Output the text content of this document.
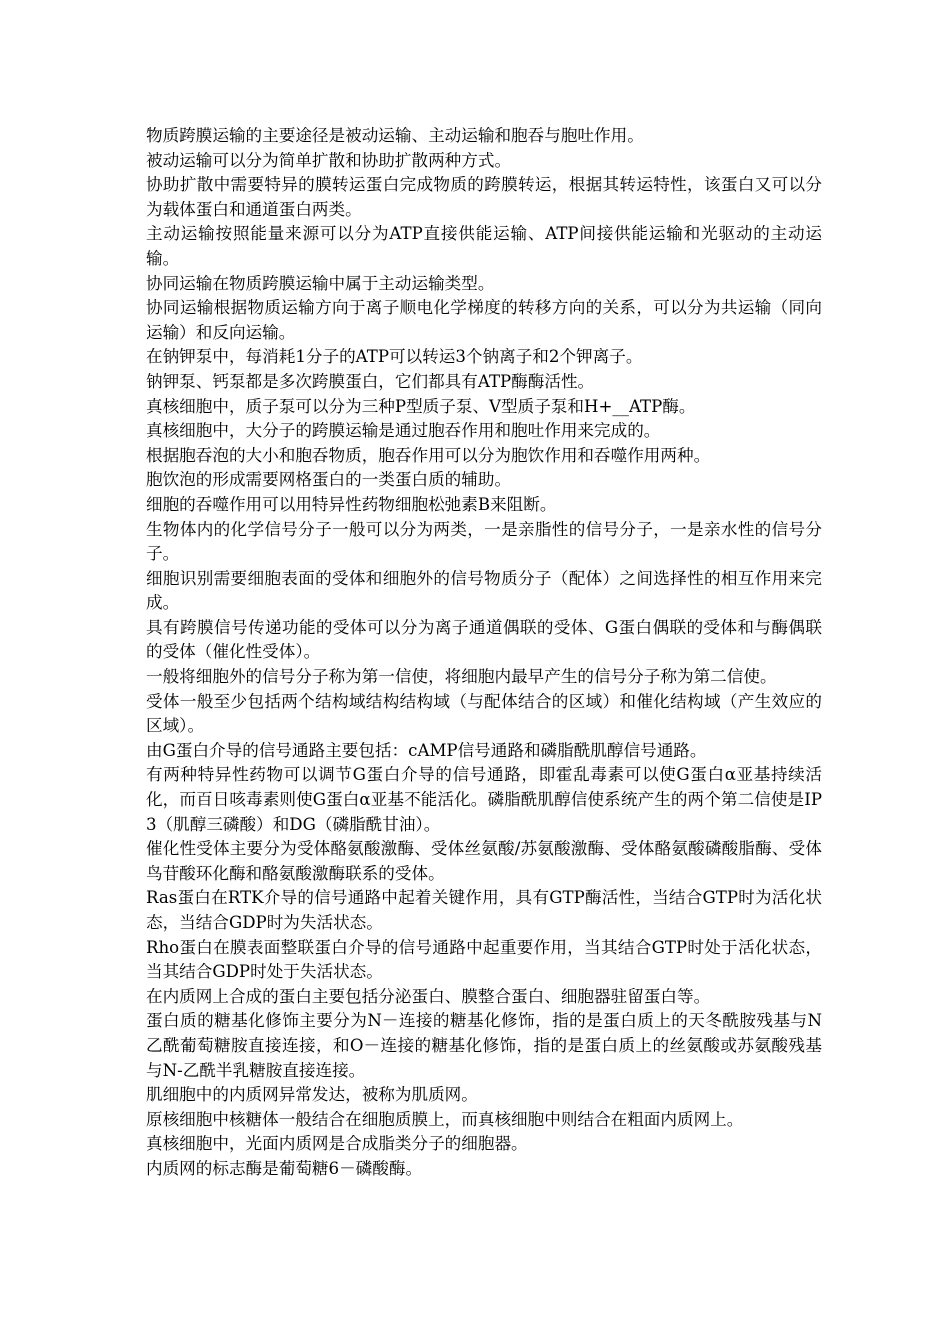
物质跨膜运输的主要途径是被动运输、主动运输和胞吞与胞吐作用。

被动运输可以分为简单扩散和协助扩散两种方式。

协助扩散中需要特异的膜转运蛋白完成物质的跨膜转运，根据其转运特性，该蛋白又可以分为载体蛋白和通道蛋白两类。

主动运输按照能量来源可以分为ATP直接供能运输、ATP间接供能运输和光驱动的主动运输。

协同运输在物质跨膜运输中属于主动运输类型。

协同运输根据物质运输方向于离子顺电化学梯度的转移方向的关系，可以分为共运输（同向运输）和反向运输。

在钠钾泵中，每消耗1分子的ATP可以转运3个钠离子和2个钾离子。

钠钾泵、钙泵都是多次跨膜蛋白，它们都具有ATP酶酶活性。

真核细胞中，质子泵可以分为三种P型质子泵、V型质子泵和H+__ATP酶。

真核细胞中，大分子的跨膜运输是通过胞吞作用和胞吐作用来完成的。

根据胞吞泡的大小和胞吞物质，胞吞作用可以分为胞饮作用和吞噬作用两种。

胞饮泡的形成需要网格蛋白的一类蛋白质的辅助。

细胞的吞噬作用可以用特异性药物细胞松弛素B来阻断。

生物体内的化学信号分子一般可以分为两类，一是亲脂性的信号分子，一是亲水性的信号分子。

细胞识别需要细胞表面的受体和细胞外的信号物质分子（配体）之间选择性的相互作用来完成。

具有跨膜信号传递功能的受体可以分为离子通道偶联的受体、G蛋白偶联的受体和与酶偶联的受体（催化性受体）。

一般将细胞外的信号分子称为第一信使，将细胞内最早产生的信号分子称为第二信使。

受体一般至少包括两个结构域结构结构域（与配体结合的区域）和催化结构域（产生效应的区域）。

由G蛋白介导的信号通路主要包括：cAMP信号通路和磷脂酰肌醇信号通路。

有两种特异性药物可以调节G蛋白介导的信号通路，即霍乱毒素可以使G蛋白α亚基持续活化，而百日咳毒素则使G蛋白α亚基不能活化。磷脂酰肌醇信使系统产生的两个第二信使是IP3（肌醇三磷酸）和DG（磷脂酰甘油）。

催化性受体主要分为受体酪氨酸激酶、受体丝氨酸/苏氨酸激酶、受体酪氨酸磷酸脂酶、受体鸟苷酸环化酶和酪氨酸激酶联系的受体。

Ras蛋白在RTK介导的信号通路中起着关键作用，具有GTP酶活性，当结合GTP时为活化状态，当结合GDP时为失活状态。

Rho蛋白在膜表面整联蛋白介导的信号通路中起重要作用，当其结合GTP时处于活化状态，当其结合GDP时处于失活状态。

在内质网上合成的蛋白主要包括分泌蛋白、膜整合蛋白、细胞器驻留蛋白等。

蛋白质的糖基化修饰主要分为N－连接的糖基化修饰，指的是蛋白质上的天冬酰胺残基与N乙酰葡萄糖胺直接连接，和O－连接的糖基化修饰，指的是蛋白质上的丝氨酸或苏氨酸残基与N-乙酰半乳糖胺直接连接。

肌细胞中的内质网异常发达，被称为肌质网。

原核细胞中核糖体一般结合在细胞质膜上，而真核细胞中则结合在粗面内质网上。

真核细胞中，光面内质网是合成脂类分子的细胞器。

内质网的标志酶是葡萄糖6－磷酸酶。
